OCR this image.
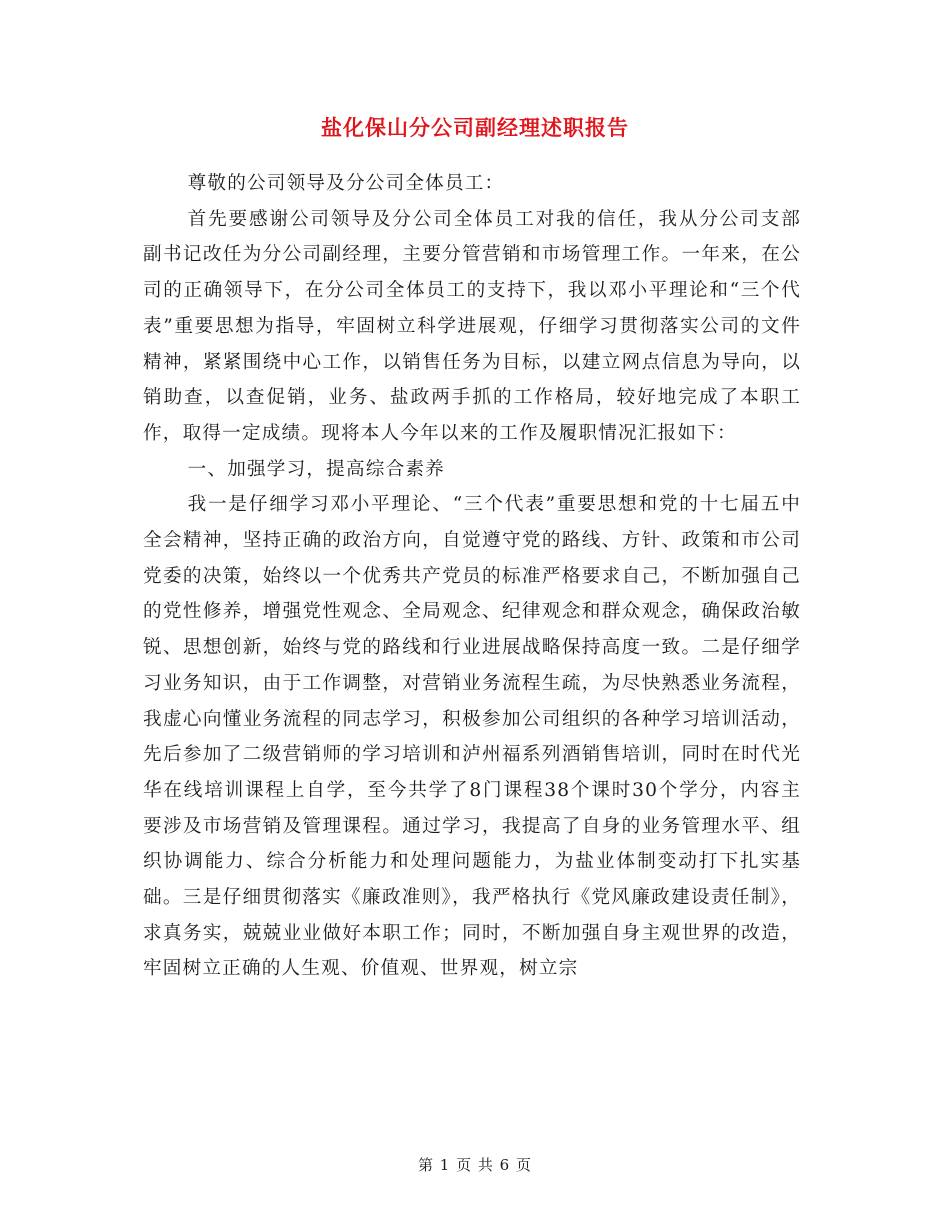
盐化保山分公司副经理述职报告

尊敬的公司领导及分公司全体员工：

首先要感谢公司领导及分公司全体员工对我的信任，我从分公司支部副书记改任为分公司副经理，主要分管营销和市场管理工作。一年来，在公司的正确领导下，在分公司全体员工的支持下，我以邓小平理论和“三个代表”重要思想为指导，牢固树立科学进展观，仔细学习贯彻落实公司的文件精神，紧紧围绕中心工作，以销售任务为目标，以建立网点信息为导向，以销助查，以查促销，业务、盐政两手抓的工作格局，较好地完成了本职工作，取得一定成绩。现将本人今年以来的工作及履职情况汇报如下：

一、加强学习，提高综合素养

我一是仔细学习邓小平理论、“三个代表”重要思想和党的十七届五中全会精神，坚持正确的政治方向，自觉遵守党的路线、方针、政策和市公司党委的决策，始终以一个优秀共产党员的标准严格要求自己，不断加强自己的党性修养，增强党性观念、全局观念、纪律观念和群众观念，确保政治敏锐、思想创新，始终与党的路线和行业进展战略保持高度一致。二是仔细学习业务知识，由于工作调整，对营销业务流程生疏，为尽快熟悉业务流程，我虚心向懂业务流程的同志学习，积极参加公司组织的各种学习培训活动，先后参加了二级营销师的学习培训和泸州福系列酒销售培训，同时在时代光华在线培训课程上自学，至今共学了8门课程38个课时30个学分，内容主要涉及市场营销及管理课程。通过学习，我提高了自身的业务管理水平、组织协调能力、综合分析能力和处理问题能力，为盐业体制变动打下扎实基础。三是仔细贯彻落实《廉政准则》，我严格执行《党风廉政建设责任制》，求真务实，兢兢业业做好本职工作；同时，不断加强自身主观世界的改造，牢固树立正确的人生观、价值观、世界观，树立宗

第 1 页 共 6 页
